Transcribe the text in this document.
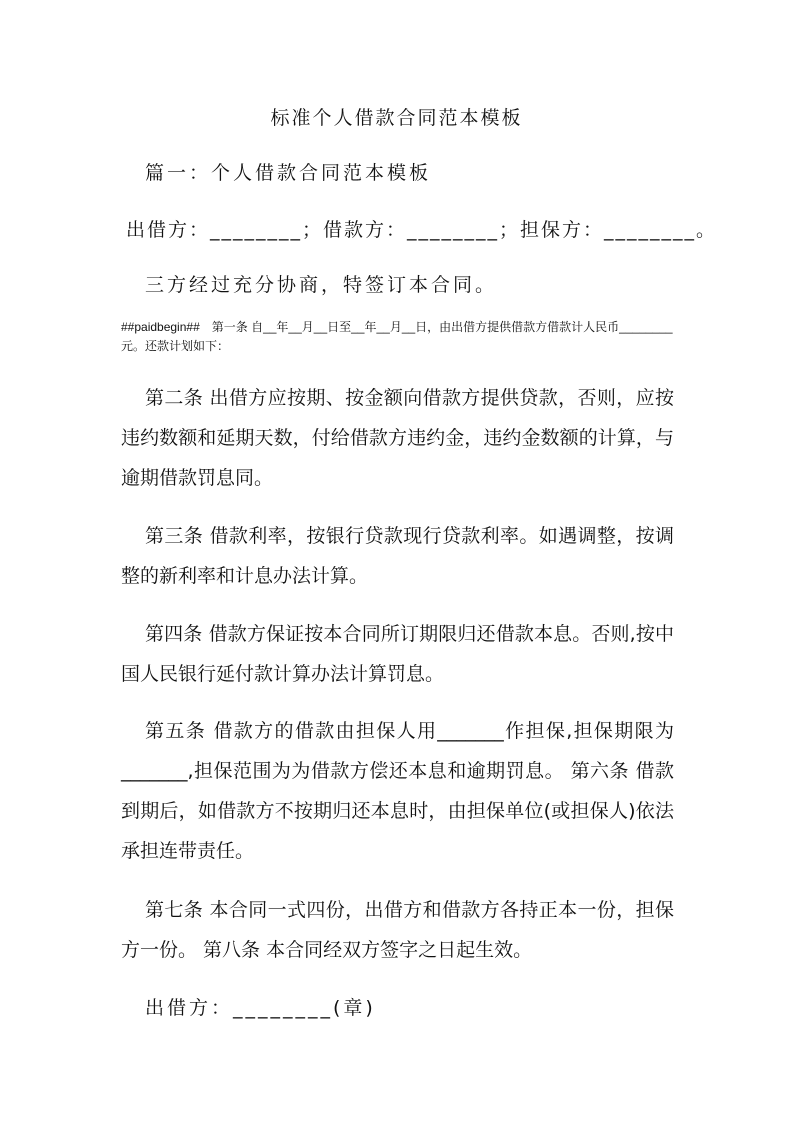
标准个人借款合同范本模板
篇一：个人借款合同范本模板
出借方：________；借款方：________；担保方：________。
三方经过充分协商，特签订本合同。
##paidbegin## 第一条 自__年__月__日至__年__月__日，由出借方提供借款方借款计人民币________元。还款计划如下：
第二条 出借方应按期、按金额向借款方提供贷款，否则，应按违约数额和延期天数，付给借款方违约金，违约金数额的计算，与逾期借款罚息同。
第三条 借款利率，按银行贷款现行贷款利率。如遇调整，按调整的新利率和计息办法计算。
第四条 借款方保证按本合同所订期限归还借款本息。否则,按中国人民银行延付款计算办法计算罚息。
第五条 借款方的借款由担保人用_______作担保,担保期限为_______,担保范围为为借款方偿还本息和逾期罚息。 第六条 借款到期后，如借款方不按期归还本息时，由担保单位(或担保人)依法承担连带责任。
第七条 本合同一式四份，出借方和借款方各持正本一份，担保方一份。 第八条 本合同经双方签字之日起生效。
出借方：________(章)
